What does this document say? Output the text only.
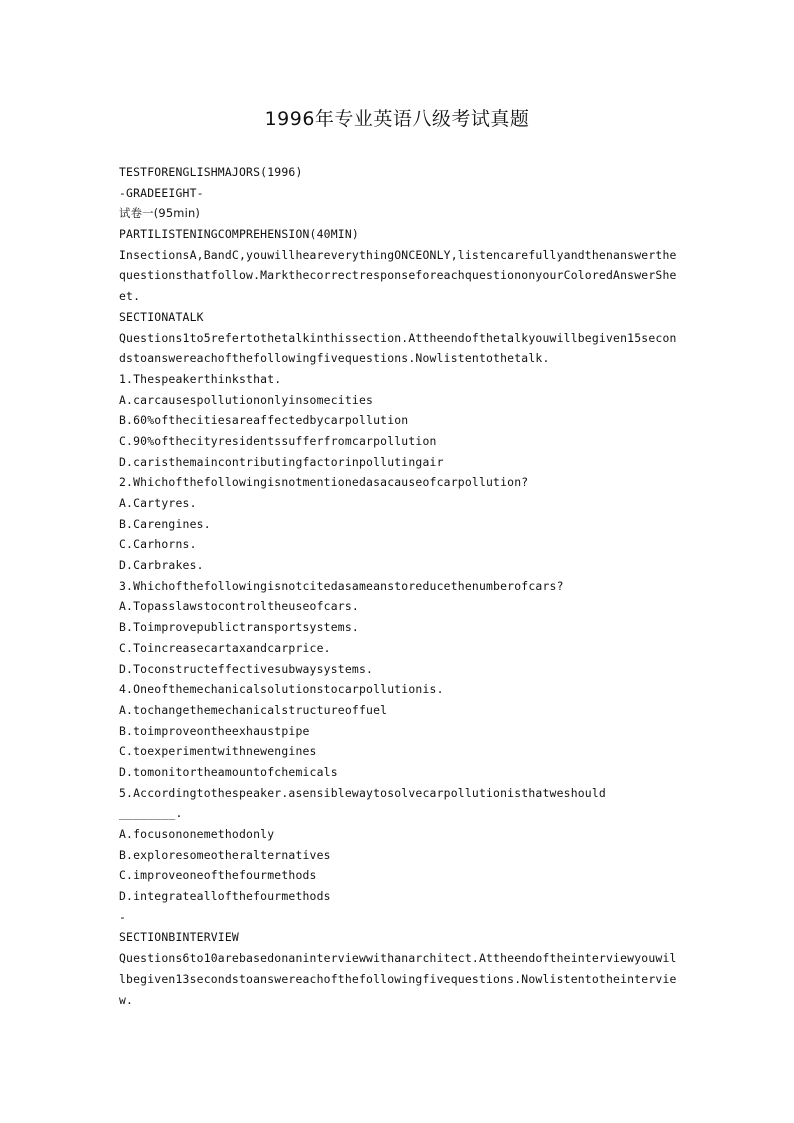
1996年专业英语八级考试真题
TESTFORENGLISHMAJORS(1996)
-GRADEEIGHT-
试卷一(95min)
PARTILISTENINGCOMPREHENSION(40MIN)
InsectionsA,BandC,youwillheareverythingONCEONLY,listencarefullyandthenanswerthe
questionsthatfollow.MarkthecorrectresponseforeachquestiononyourColoredAnswerShe
et.
SECTIONATALK
Questions1to5refertothetalkinthissection.Attheendofthetalkyouwillbegiven15secon
dstoanswereachofthefollowingfivequestions.Nowlistentothetalk.
1.Thespeakerthinksthat.
A.carcausespollutiononlyinsomecities
B.60%ofthecitiesareaffectedbycarpollution
C.90%ofthecityresidentssufferfromcarpollution
D.caristhemaincontributingfactorinpollutingair
2.Whichofthefollowingisnotmentionedasacauseofcarpollution?
A.Cartyres.
B.Carengines.
C.Carhorns.
D.Carbrakes.
3.Whichofthefollowingisnotcitedasameanstoreducethenumberofcars?
A.Topasslawstocontroltheuseofcars.
B.Toimprovepublictransportsystems.
C.Toincreasecartaxandcarprice.
D.Toconstructeffectivesubwaysystems.
4.Oneofthemechanicalsolutionstocarpollutionis.
A.tochangethemechanicalstructureoffuel
B.toimproveontheexhaustpipe
C.toexperimentwithnewengines
D.tomonitortheamountofchemicals
5.Accordingtothespeaker.asensiblewaytosolvecarpollutionisthatweshould
________.
A.focusononemethodonly
B.exploresomeotheralternatives
C.improveoneofthefourmethods
D.integrateallofthefourmethods
-
SECTIONBINTERVIEW
Questions6to10arebasedonaninterviewwithanarchitect.Attheendoftheinterviewyouwil
lbegiven13secondstoanswereachofthefollowingfivequestions.Nowlistentotheintervie
w.
